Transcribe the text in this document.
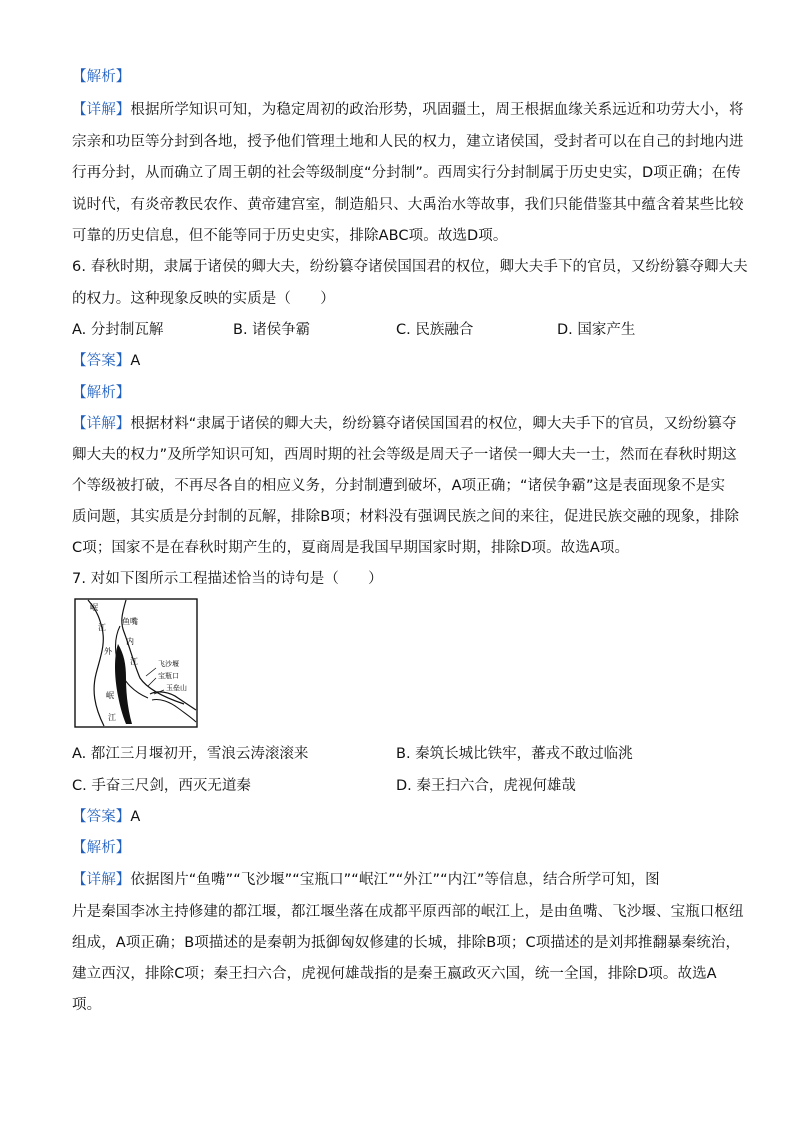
【解析】
【详解】根据所学知识可知，为稳定周初的政治形势，巩固疆土，周王根据血缘关系远近和功劳大小，将
宗亲和功臣等分封到各地，授予他们管理土地和人民的权力，建立诸侯国，受封者可以在自己的封地内进
行再分封，从而确立了周王朝的社会等级制度“分封制”。西周实行分封制属于历史史实，D项正确；在传
说时代，有炎帝教民农作、黄帝建宫室，制造船只、大禹治水等故事，我们只能借鉴其中蕴含着某些比较
可靠的历史信息，但不能等同于历史史实，排除ABC项。故选D项。
6. 春秋时期，隶属于诸侯的卿大夫，纷纷篡夺诸侯国国君的权位，卿大夫手下的官员，又纷纷篡夺卿大夫
的权力。这种现象反映的实质是（　　）
A. 分封制瓦解	B. 诸侯争霸	C. 民族融合	D. 国家产生
【答案】A
【解析】
【详解】根据材料“隶属于诸侯的卿大夫，纷纷篡夺诸侯国国君的权位，卿大夫手下的官员，又纷纷篡夺
卿大夫的权力”及所学知识可知，西周时期的社会等级是周天子一诸侯一卿大夫一士，然而在春秋时期这
个等级被打破，不再尽各自的相应义务，分封制遭到破坏，A项正确；“诸侯争霸”这是表面现象不是实
质问题，其实质是分封制的瓦解，排除B项；材料没有强调民族之间的来往，促进民族交融的现象，排除
C项；国家不是在春秋时期产生的，夏商周是我国早期国家时期，排除D项。故选A项。
7. 对如下图所示工程描述恰当的诗句是（　　）
岷
江
鱼嘴
内
外
江	飞沙堰
宝瓶口
玉垒山
岷
江
A. 都江三月堰初开，雪浪云涛滚滚来	B. 秦筑长城比铁牢，蕃戎不敢过临洮
C. 手奋三尺剑，西灭无道秦	D. 秦王扫六合，虎视何雄哉
【答案】A
【解析】
【详解】依据图片“鱼嘴”“飞沙堰”“宝瓶口”“岷江”“外江”“内江”等信息，结合所学可知，图
片是秦国李冰主持修建的都江堰，都江堰坐落在成都平原西部的岷江上，是由鱼嘴、飞沙堰、宝瓶口枢纽
组成，A项正确；B项描述的是秦朝为抵御匈奴修建的长城，排除B项；C项描述的是刘邦推翻暴秦统治，
建立西汉，排除C项；秦王扫六合，虎视何雄哉指的是秦王嬴政灭六国，统一全国，排除D项。故选A
项。
